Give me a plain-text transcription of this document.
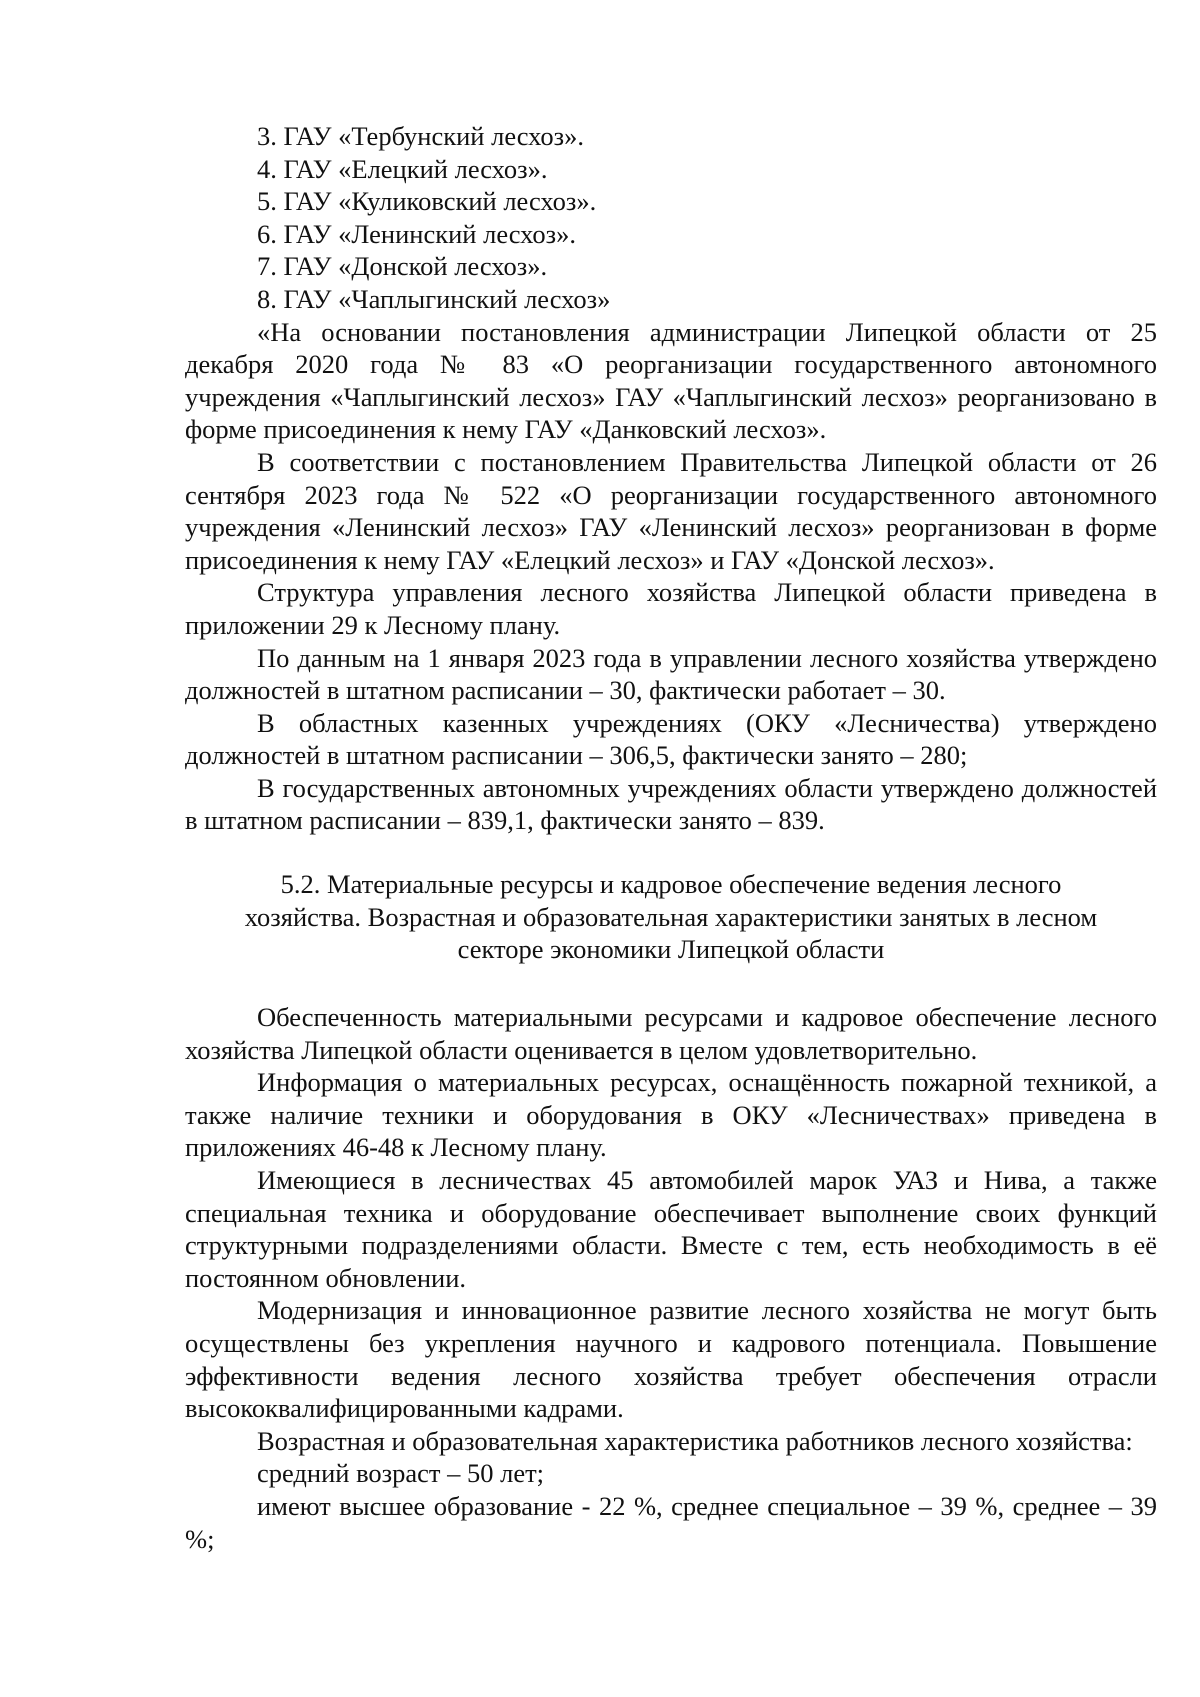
3. ГАУ «Тербунский лесхоз».

4. ГАУ «Елецкий лесхоз».

5. ГАУ «Куликовский лесхоз».

6. ГАУ «Ленинский лесхоз».

7. ГАУ «Донской лесхоз».

8. ГАУ «Чаплыгинский лесхоз»

«На основании постановления администрации Липецкой области от 25 декабря 2020 года № 83 «О реорганизации государственного автономного учреждения «Чаплыгинский лесхоз» ГАУ «Чаплыгинский лесхоз» реорганизовано в форме присоединения к нему ГАУ «Данковский лесхоз».

В соответствии с постановлением Правительства Липецкой области от 26 сентября 2023 года № 522 «О реорганизации государственного автономного учреждения «Ленинский лесхоз» ГАУ «Ленинский лесхоз» реорганизован в форме присоединения к нему ГАУ «Елецкий лесхоз» и ГАУ «Донской лесхоз».

Структура управления лесного хозяйства Липецкой области приведена в приложении 29 к Лесному плану.

По данным на 1 января 2023 года в управлении лесного хозяйства утверждено должностей в штатном расписании – 30, фактически работает – 30.

В областных казенных учреждениях (ОКУ «Лесничества) утверждено должностей в штатном расписании – 306,5, фактически занято – 280;

В государственных автономных учреждениях области утверждено должностей в штатном расписании – 839,1, фактически занято – 839.

5.2. Материальные ресурсы и кадровое обеспечение ведения лесного
хозяйства. Возрастная и образовательная характеристики занятых в лесном
секторе экономики Липецкой области

Обеспеченность материальными ресурсами и кадровое обеспечение лесного хозяйства Липецкой области оценивается в целом удовлетворительно.

Информация о материальных ресурсах, оснащённость пожарной техникой, а также наличие техники и оборудования в ОКУ «Лесничествах» приведена в приложениях 46-48 к Лесному плану.

Имеющиеся в лесничествах 45 автомобилей марок УАЗ и Нива, а также специальная техника и оборудование обеспечивает выполнение своих функций структурными подразделениями области. Вместе с тем, есть необходимость в её постоянном обновлении.

Модернизация и инновационное развитие лесного хозяйства не могут быть осуществлены без укрепления научного и кадрового потенциала. Повышение эффективности ведения лесного хозяйства требует обеспечения отрасли высококвалифицированными кадрами.

Возрастная и образовательная характеристика работников лесного хозяйства:

средний возраст – 50 лет;

имеют высшее образование - 22 %, среднее специальное – 39 %, среднее – 39 %;
